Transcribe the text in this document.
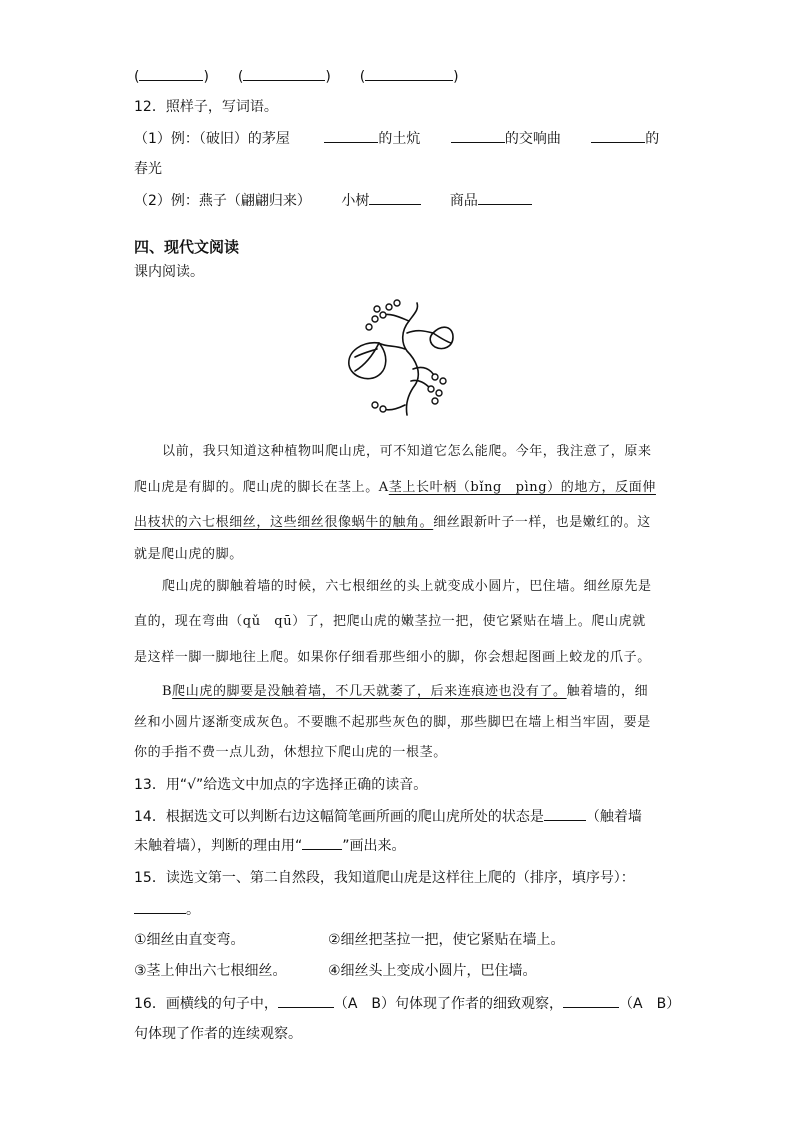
(	) (	) (	)
12．照样子，写词语。
（1）例：（破旧）的茅屋	的土炕	的交响曲	的
春光
（2）例：燕子（翩翩归来） 小树	商品
四、现代文阅读
课内阅读。
以前，我只知道这种植物叫爬山虎，可不知道它怎么能爬。今年，我注意了，原来
爬山虎是有脚的。爬山虎的脚长在茎上。A茎上长叶柄（bǐng　pìng）的地方，反面伸
出枝状的六七根细丝，这些细丝很像蜗牛的触角。细丝跟新叶子一样，也是嫩红的。这
就是爬山虎的脚。
爬山虎的脚触着墙的时候，六七根细丝的头上就变成小圆片，巴住墙。细丝原先是
直的，现在弯曲（qǔ　qū）了，把爬山虎的嫩茎拉一把，使它紧贴在墙上。爬山虎就
是这样一脚一脚地往上爬。如果你仔细看那些细小的脚，你会想起图画上蛟龙的爪子。
B爬山虎的脚要是没触着墙，不几天就萎了，后来连痕迹也没有了。触着墙的，细
丝和小圆片逐渐变成灰色。不要瞧不起那些灰色的脚，那些脚巴在墙上相当牢固，要是
你的手指不费一点儿劲，休想拉下爬山虎的一根茎。
13．用“√”给选文中加点的字选择正确的读音。
14．根据选文可以判断右边这幅简笔画所画的爬山虎所处的状态是	（触着墙
未触着墙），判断的理由用“	”画出来。
15．读选文第一、第二自然段，我知道爬山虎是这样往上爬的（排序，填序号）：
。
①细丝由直变弯。	②细丝把茎拉一把，使它紧贴在墙上。
③茎上伸出六七根细丝。	④细丝头上变成小圆片，巴住墙。
16．画横线的句子中，	（A　B）句体现了作者的细致观察，	（A　B）
句体现了作者的连续观察。
